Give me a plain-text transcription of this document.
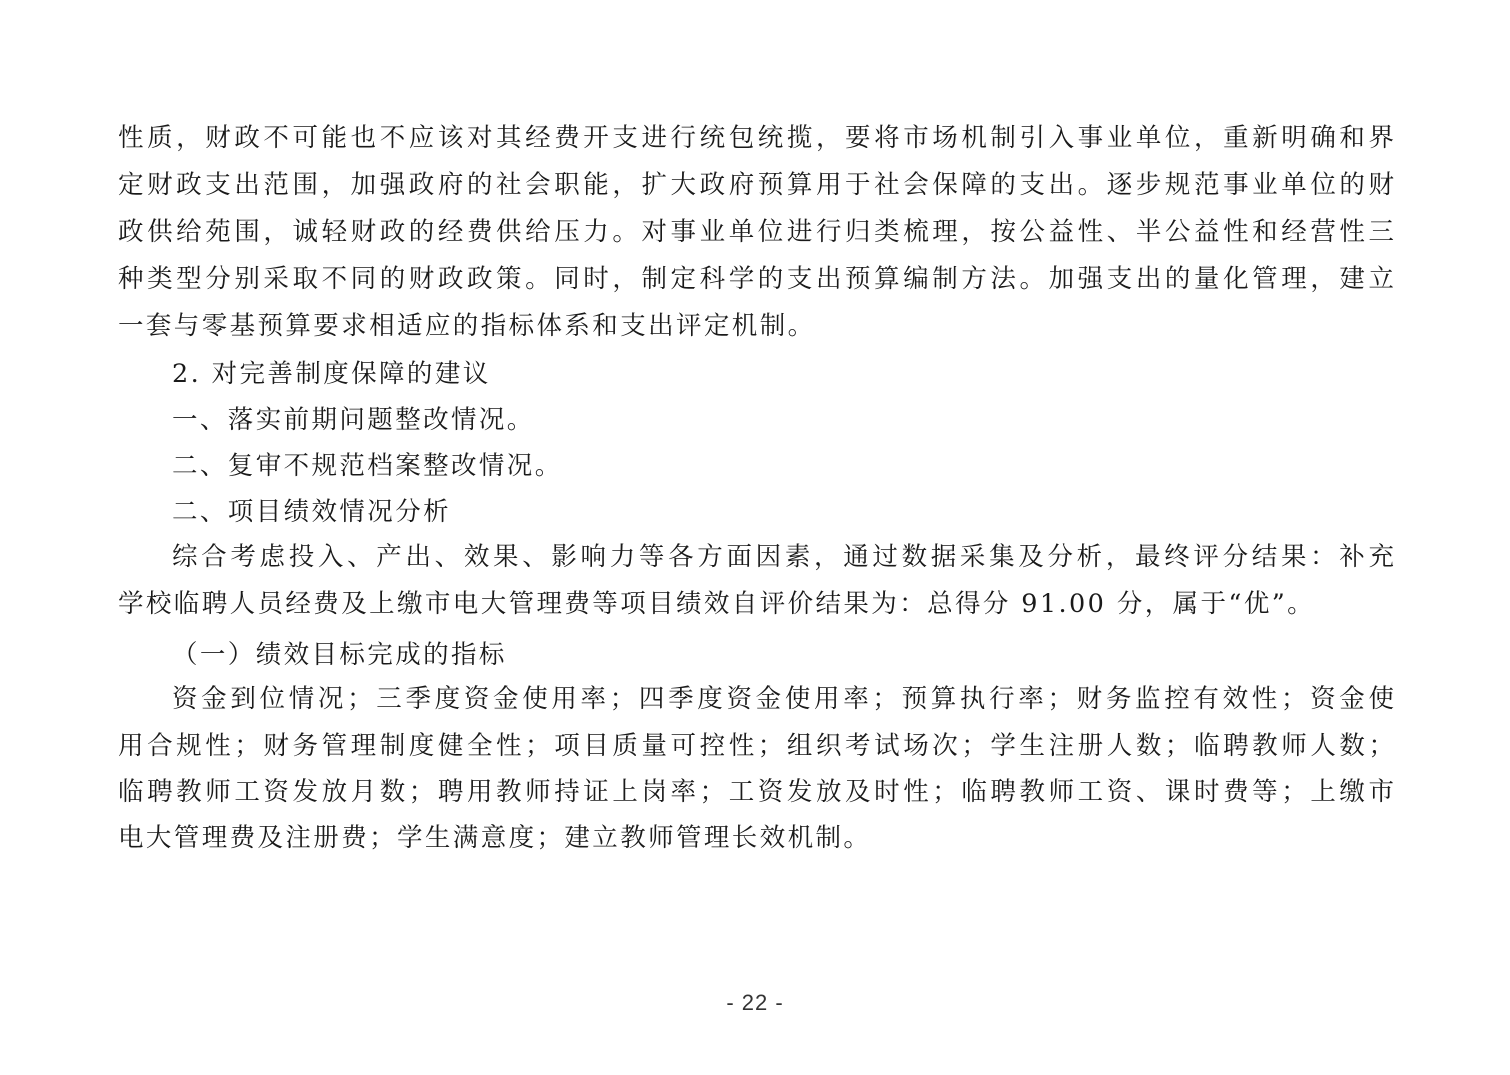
性质，财政不可能也不应该对其经费开支进行统包统揽，要将市场机制引入事业单位，重新明确和界
定财政支出范围，加强政府的社会职能，扩大政府预算用于社会保障的支出。逐步规范事业单位的财
政供给苑围，诚轻财政的经费供给压力。对事业单位进行归类梳理，按公益性、半公益性和经营性三
种类型分别采取不同的财政政策。同时，制定科学的支出预算编制方法。加强支出的量化管理，建立
一套与零基预算要求相适应的指标体系和支出评定机制。
2. 对完善制度保障的建议
一、落实前期问题整改情况。
二、复审不规范档案整改情况。
二、项目绩效情况分析
综合考虑投入、产出、效果、影响力等各方面因素，通过数据采集及分析，最终评分结果：补充
学校临聘人员经费及上缴市电大管理费等项目绩效自评价结果为：总得分 91.00 分，属于“优”。
（一）绩效目标完成的指标
资金到位情况；三季度资金使用率；四季度资金使用率；预算执行率；财务监控有效性；资金使
用合规性；财务管理制度健全性；项目质量可控性；组织考试场次；学生注册人数；临聘教师人数；
临聘教师工资发放月数；聘用教师持证上岗率；工资发放及时性；临聘教师工资、课时费等；上缴市
电大管理费及注册费；学生满意度；建立教师管理长效机制。
- 22 -
